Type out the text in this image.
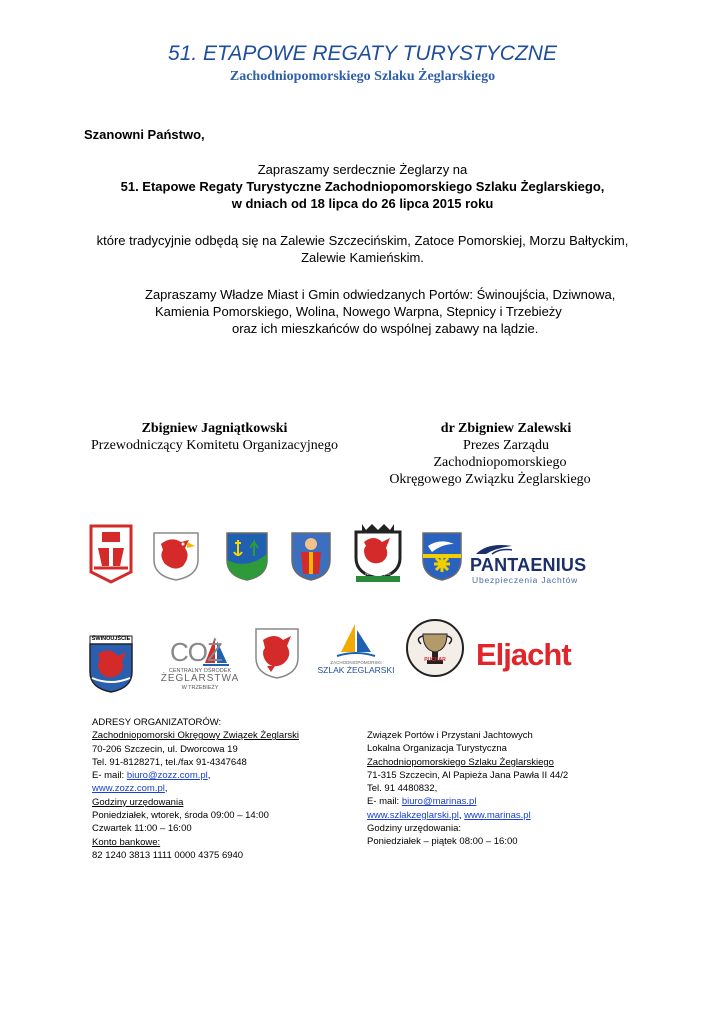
51. ETAPOWE REGATY TURYSTYCZNE
Zachodniopomorskiego Szlaku Żeglarskiego
Szanowni Państwo,
Zapraszamy serdecznie Żeglarzy na
51. Etapowe Regaty Turystyczne Zachodniopomorskiego Szlaku Żeglarskiego,
w dniach od 18 lipca do 26 lipca 2015 roku
które tradycyjnie odbędą się na Zalewie Szczecińskim, Zatoce Pomorskiej, Morzu Bałtyckim,
Zalewie Kamieńskim.
Zapraszamy Władze Miast i Gmin odwiedzanych Portów: Świnoujścia, Dziwnowa,
Kamienia Pomorskiego, Wolina, Nowego Warpna, Stepnicy i Trzebieży
oraz ich mieszkańców do wspólnej zabawy na lądzie.
Zbigniew Jagniątkowski
Przewodniczący Komitetu Organizacyjnego
dr Zbigniew Zalewski
Prezes Zarządu
Zachodniopomorskiego
Okręgowego Związku Żeglarskiego
Nowe Warpno	PANTAENIUS
Ubezpieczenia Jachtów
ŚWINOUJŚCIE COŻ
CENTRALNY OŚRODEK
ŻEGLARSTWA
W TRZEBIEŻY
ZACHODNIOPOMORSKI
SZLAK ŻEGLARSKI
PUCHAR Eljacht
ADRESY ORGANIZATORÓW:
Zachodniopomorski Okręgowy Związek Żeglarski
70-206 Szczecin, ul. Dworcowa 19
Tel. 91-8128271, tel./fax 91-4347648
E- mail: biuro@zozz.com.pl,
www.zozz.com.pl,
Godziny urzędowania
Poniedziałek, wtorek, środa 09:00 – 14:00
Czwartek 11:00 – 16:00
Konto bankowe:
82 1240 3813 1111 0000 4375 6940
Związek Portów i Przystani Jachtowych
Lokalna Organizacja Turystyczna
Zachodniopomorskiego Szlaku Żeglarskiego
71-315 Szczecin, Al Papieża Jana Pawła II 44/2
Tel. 91 4480832,
E- mail: biuro@marinas.pl
www.szlakzeglarski.pl, www.marinas.pl
Godziny urzędowania:
Poniedziałek – piątek 08:00 – 16:00
